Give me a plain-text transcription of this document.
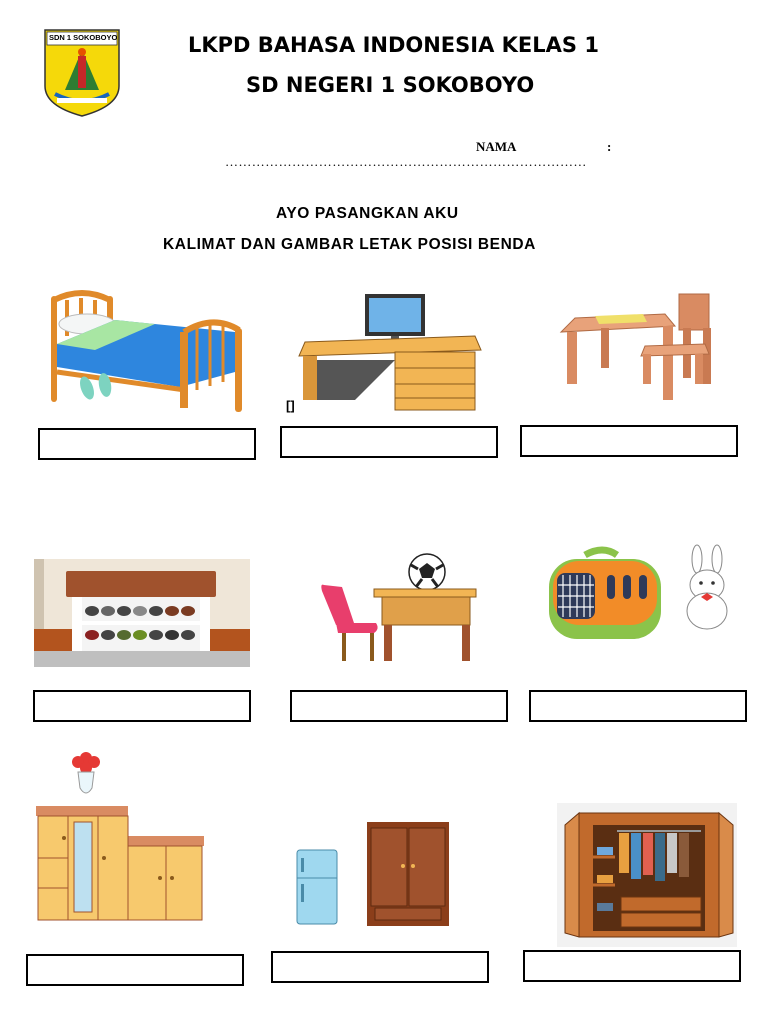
SDN 1 SOKOBOYO	LKPD BAHASA INDONESIA KELAS 1
SD NEGERI 1 SOKOBOYO
NAMA	:
………………………………………………………………………
AYO PASANGKAN AKU
KALIMAT DAN GAMBAR LETAK POSISI BENDA
[]
